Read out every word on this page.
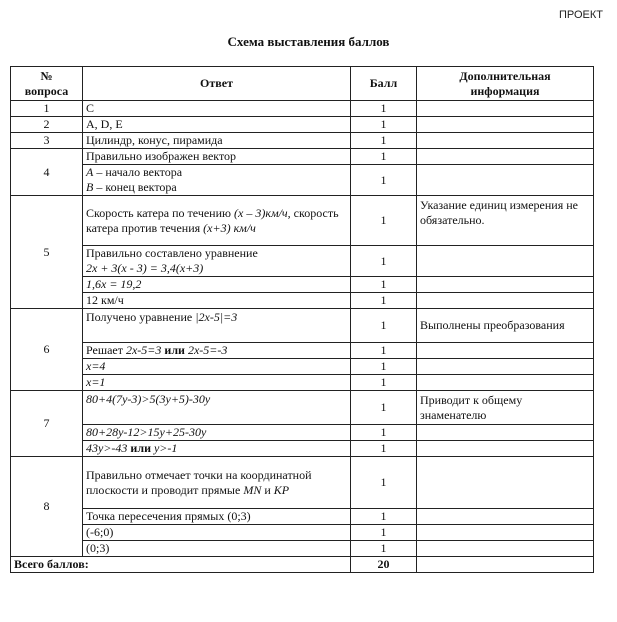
ПРОЕКТ
Схема выставления баллов
№
вопроса	Ответ	Балл	Дополнительная
информация

1	C	1	
2	A, D, E	1	
3	Цилиндр, конус, пирамида	1	
4	Правильно изображен вектор	1	

	A – начало вектора
B – конец вектора	1	
5	Скорость катера по течению (x – 3)км/ч, скорость катера против течения (x+3) км/ч	1	Указание единиц измерения не обязательно.

	Правильно составлено уравнение
2x + 3(x - 3) = 3,4(x+3)	1	
	1,6x = 19,2	1	
	12 км/ч	1	
6	Получено уравнение |2x-5|=3	1	Выполнены преобразования
	Решает 2x-5=3 или 2x-5=-3	1	
	x=4	1	
	x=1	1	
7	80+4(7y-3)>5(3y+5)-30y	1	Приводит к общему знаменателю
	80+28y-12>15y+25-30y	1	
	43y>-43 или y>-1	1	
8	Правильно отмечает точки на координатной плоскости и проводит прямые MN и KP	1	
	Точка пересечения прямых (0;3)	1	
	(-6;0)	1	
	(0;3)	1	
Всего баллов:		20	
